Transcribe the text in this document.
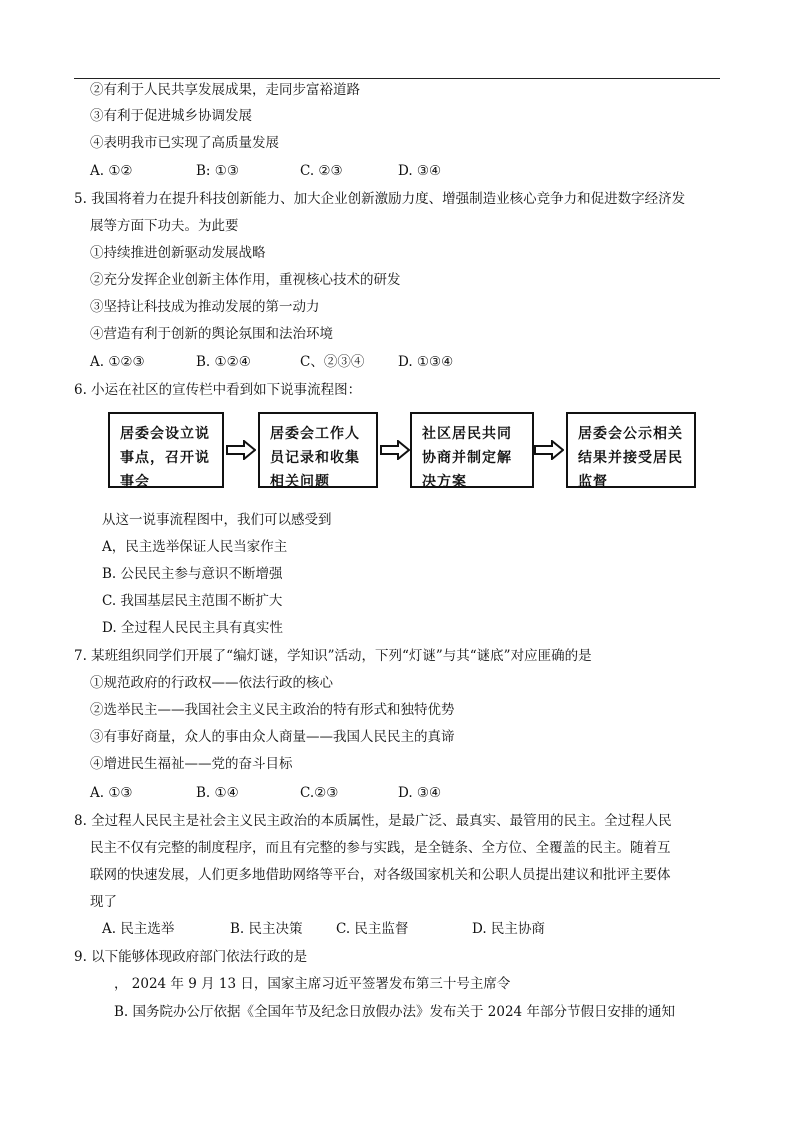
②有利于人民共享发展成果，走同步富裕道路
③有利于促进城乡协调发展
④表明我市已实现了高质量发展
A. ①②	B: ①③	C. ②③	D. ③④
5. 我国将着力在提升科技创新能力、加大企业创新激励力度、增强制造业核心竞争力和促进数字经济发
展等方面下功夫。为此要
①持续推进创新驱动发展战略
②充分发挥企业创新主体作用，重视核心技术的研发
③坚持让科技成为推动发展的第一动力
④营造有利于创新的舆论氛围和法治环境
A. ①②③	B. ①②④	C、②③④ D. ①③④
6. 小运在社区的宣传栏中看到如下说事流程图：
居委会设立说事点，召开说事会
居委会工作人员记录和收集相关问题
社区居民共同协商并制定解决方案
居委会公示相关结果并接受居民监督
从这一说事流程图中，我们可以感受到
A，民主选举保证人民当家作主
B. 公民民主参与意识不断增强
C. 我国基层民主范围不断扩大
D. 全过程人民民主具有真实性
7. 某班组织同学们开展了“编灯谜，学知识”活动，下列“灯谜”与其“谜底”对应匪确的是
①规范政府的行政权——依法行政的核心
②选举民主——我国社会主义民主政治的特有形式和独特优势
③有事好商量，众人的事由众人商量——我国人民民主的真谛
④增进民生福祉——党的奋斗目标
A. ①③	B. ①④	C.②③	D. ③④
8. 全过程人民民主是社会主义民主政治的本质属性，是最广泛、最真实、最管用的民主。全过程人民
民主不仅有完整的制度程序，而且有完整的参与实践，是全链条、全方位、全覆盖的民主。随着互
联网的快速发展，人们更多地借助网络等平台，对各级国家机关和公职人员提出建议和批评主要体
现了
A. 民主选举	B. 民主决策 C. 民主监督	D. 民主协商
9. 以下能够体现政府部门依法行政的是
， 2024 年 9 月 13 日，国家主席习近平签署发布第三十号主席令
B. 国务院办公厅依据《全国年节及纪念日放假办法》发布关于 2024 年部分节假日安排的通知
